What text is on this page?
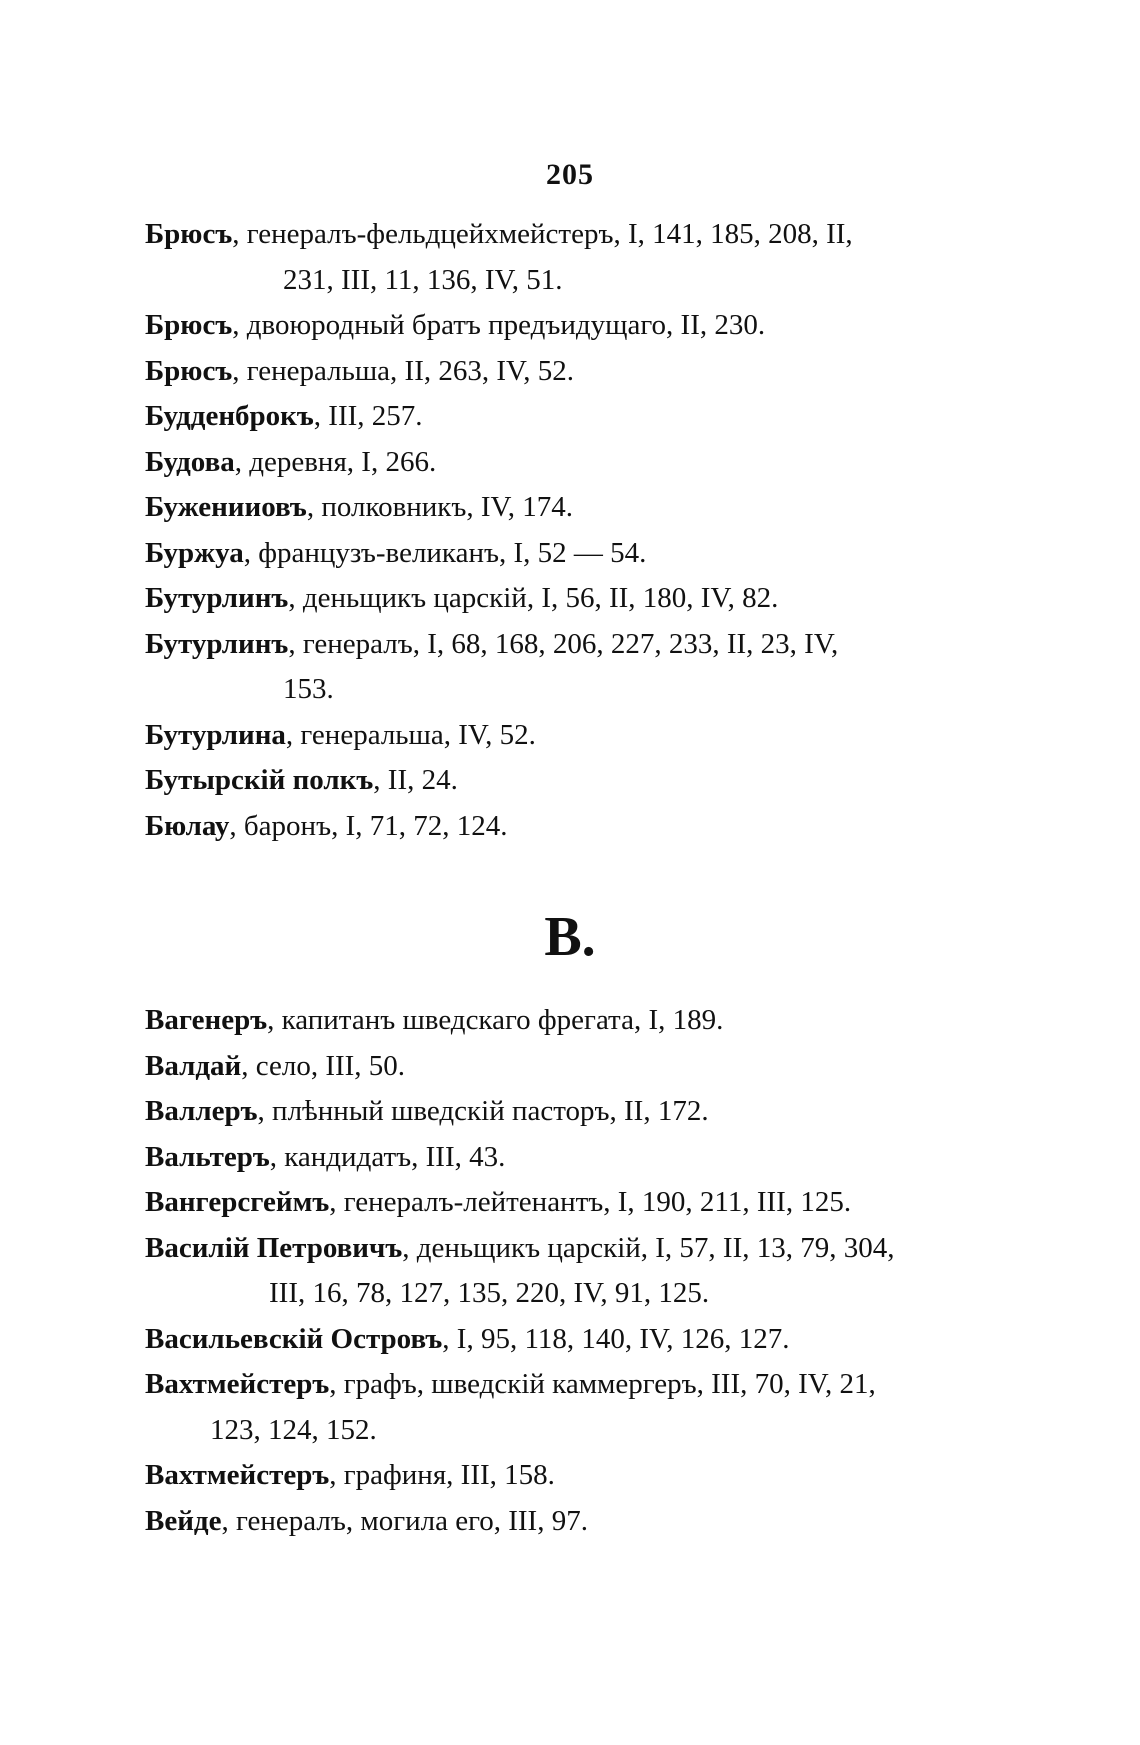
205

Брюсъ, генералъ-фельдцейхмейстеръ, I, 141, 185, 208, II,
231, III, 11, 136, IV, 51.

Брюсъ, двоюродный братъ предъидущаго, II, 230.

Брюсъ, генеральша, II, 263, IV, 52.

Будденброкъ, III, 257.

Будова, деревня, I, 266.

Буженииовъ, полковникъ, IV, 174.

Буржуа, французъ-великанъ, I, 52 — 54.

Бутурлинъ, деньщикъ царскій, I, 56, II, 180, IV, 82.

Бутурлинъ, генералъ, I, 68, 168, 206, 227, 233, II, 23, IV,
153.

Бутурлина, генеральша, IV, 52.

Бутырскій полкъ, II, 24.

Бюлау, баронъ, I, 71, 72, 124.

В.

Вагенеръ, капитанъ шведскаго фрегата, I, 189.

Валдай, село, III, 50.

Валлеръ, плѣнный шведскій пасторъ, II, 172.

Вальтеръ, кандидатъ, III, 43.

Вангерсгеймъ, генералъ-лейтенантъ, I, 190, 211, III, 125.

Василій Петровичъ, деньщикъ царскій, I, 57, II, 13, 79, 304,
III, 16, 78, 127, 135, 220, IV, 91, 125.

Васильевскій Островъ, I, 95, 118, 140, IV, 126, 127.

Вахтмейстеръ, графъ, шведскій каммергеръ, III, 70, IV, 21,
123, 124, 152.

Вахтмейстеръ, графиня, III, 158.

Вейде, генералъ, могила его, III, 97.
